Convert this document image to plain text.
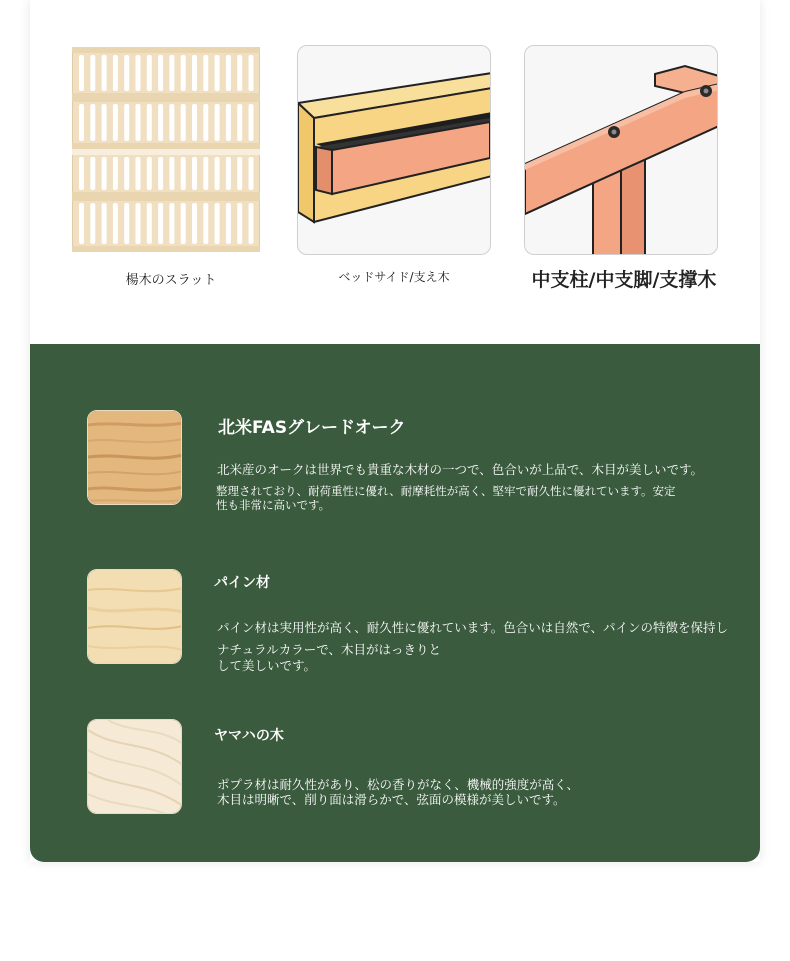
楊木のスラット	ベッドサイド/支え木	中支柱/中支脚/支撑木
北米FASグレードオーク
北米産のオークは世界でも貴重な木材の一つで、色合いが上品で、木目が美しいです。
整理されており、耐荷重性に優れ、耐摩耗性が高く、堅牢で耐久性に優れています。安定
性も非常に高いです。
パイン材
パイン材は実用性が高く、耐久性に優れています。色合いは自然で、パインの特徴を保持し
ナチュラルカラーで、木目がはっきりと
して美しいです。
ヤマハの木
ポプラ材は耐久性があり、松の香りがなく、機械的強度が高く、
木目は明晰で、削り面は滑らかで、弦面の模様が美しいです。
